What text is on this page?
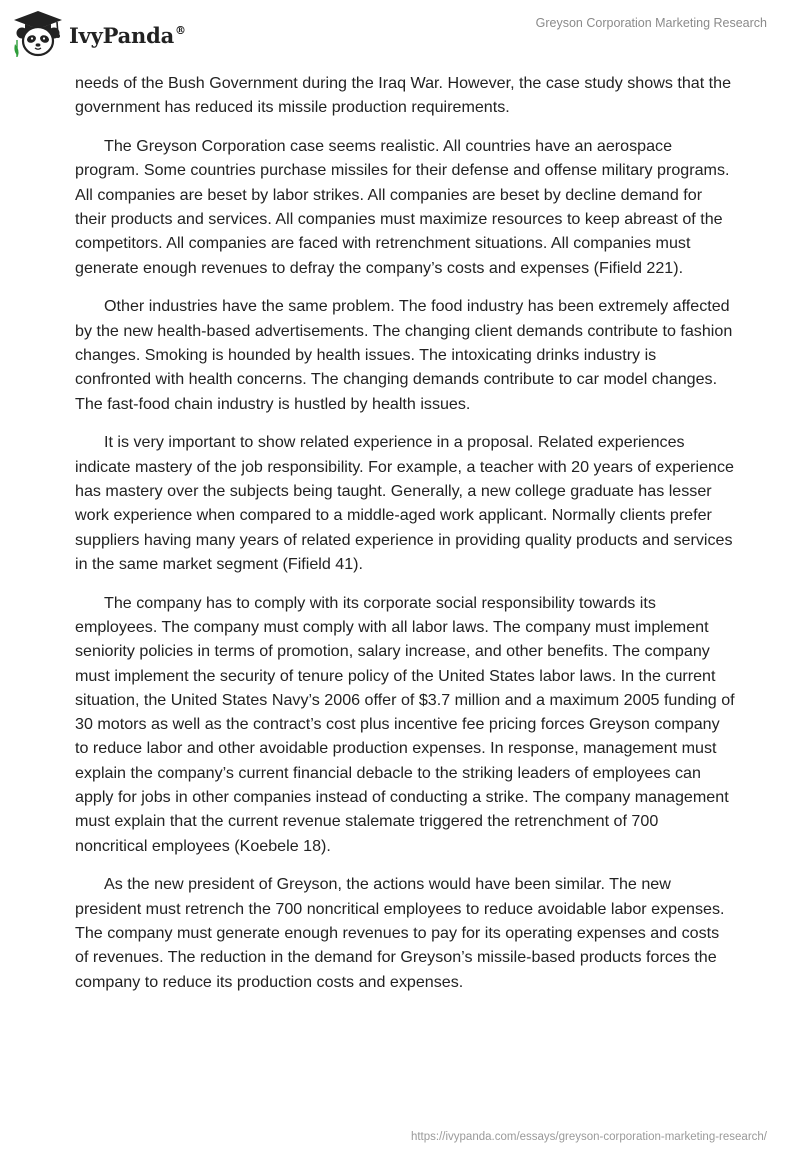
IvyPanda®	Greyson Corporation Marketing Research

needs of the Bush Government during the Iraq War. However, the case study shows that the government has reduced its missile production requirements.

The Greyson Corporation case seems realistic. All countries have an aerospace program. Some countries purchase missiles for their defense and offense military programs. All companies are beset by labor strikes. All companies are beset by decline demand for their products and services. All companies must maximize resources to keep abreast of the competitors. All companies are faced with retrenchment situations. All companies must generate enough revenues to defray the company’s costs and expenses (Fifield 221).

Other industries have the same problem. The food industry has been extremely affected by the new health-based advertisements. The changing client demands contribute to fashion changes. Smoking is hounded by health issues. The intoxicating drinks industry is confronted with health concerns. The changing demands contribute to car model changes. The fast-food chain industry is hustled by health issues.

It is very important to show related experience in a proposal. Related experiences indicate mastery of the job responsibility. For example, a teacher with 20 years of experience has mastery over the subjects being taught. Generally, a new college graduate has lesser work experience when compared to a middle-aged work applicant. Normally clients prefer suppliers having many years of related experience in providing quality products and services in the same market segment (Fifield 41).

The company has to comply with its corporate social responsibility towards its employees. The company must comply with all labor laws. The company must implement seniority policies in terms of promotion, salary increase, and other benefits. The company must implement the security of tenure policy of the United States labor laws. In the current situation, the United States Navy’s 2006 offer of $3.7 million and a maximum 2005 funding of 30 motors as well as the contract’s cost plus incentive fee pricing forces Greyson company to reduce labor and other avoidable production expenses. In response, management must explain the company’s current financial debacle to the striking leaders of employees can apply for jobs in other companies instead of conducting a strike. The company management must explain that the current revenue stalemate triggered the retrenchment of 700 noncritical employees (Koebele 18).

As the new president of Greyson, the actions would have been similar. The new president must retrench the 700 noncritical employees to reduce avoidable labor expenses. The company must generate enough revenues to pay for its operating expenses and costs of revenues. The reduction in the demand for Greyson’s missile-based products forces the company to reduce its production costs and expenses.

https://ivypanda.com/essays/greyson-corporation-marketing-research/
